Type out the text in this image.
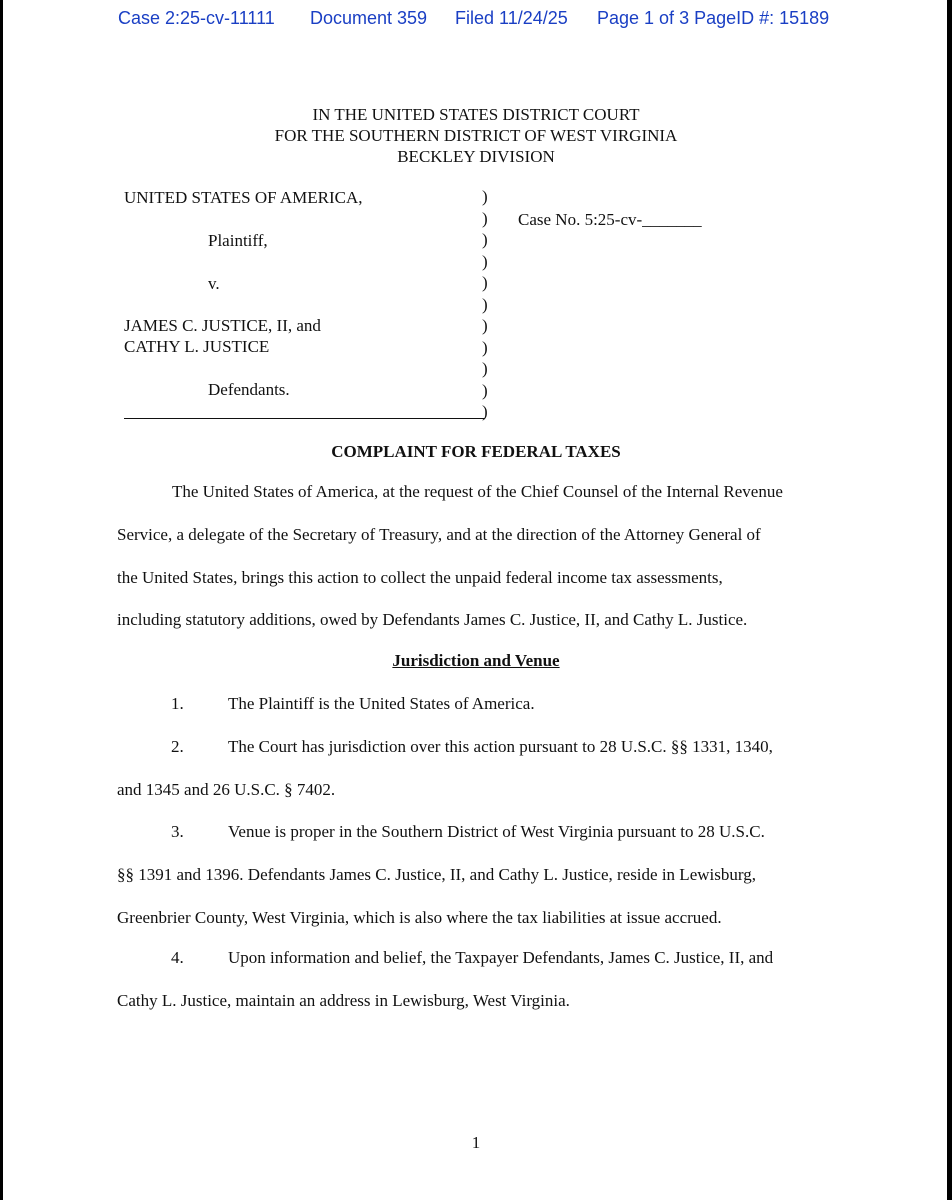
Case 2:25-cv-11111 Document 359 Filed 11/24/25 Page 1 of 3 PageID #: 15189
IN THE UNITED STATES DISTRICT COURT
FOR THE SOUTHERN DISTRICT OF WEST VIRGINIA
BECKLEY DIVISION
UNITED STATES OF AMERICA,
Plaintiff,
v.
JAMES C. JUSTICE, II, and
CATHY L. JUSTICE
Defendants.
Case No. 5:25-cv-_______
)
)
)
)
)
)
)
)
)
)
)
COMPLAINT FOR FEDERAL TAXES
The United States of America, at the request of the Chief Counsel of the Internal Revenue
Service, a delegate of the Secretary of Treasury, and at the direction of the Attorney General of
the United States, brings this action to collect the unpaid federal income tax assessments,
including statutory additions, owed by Defendants James C. Justice, II, and Cathy L. Justice.
Jurisdiction and Venue
1.	The Plaintiff is the United States of America.
2.	The Court has jurisdiction over this action pursuant to 28 U.S.C. §§ 1331, 1340,
and 1345 and 26 U.S.C. § 7402.
3.	Venue is proper in the Southern District of West Virginia pursuant to 28 U.S.C.
§§ 1391 and 1396. Defendants James C. Justice, II, and Cathy L. Justice, reside in Lewisburg,
Greenbrier County, West Virginia, which is also where the tax liabilities at issue accrued.
4.	Upon information and belief, the Taxpayer Defendants, James C. Justice, II, and
Cathy L. Justice, maintain an address in Lewisburg, West Virginia.
1
